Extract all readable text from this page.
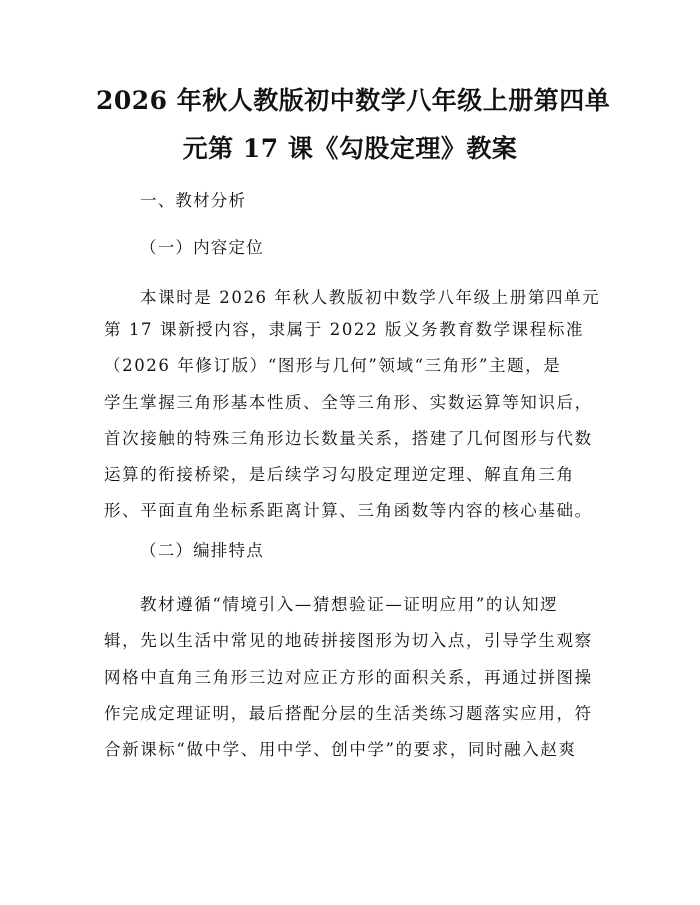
2026 年秋人教版初中数学八年级上册第四单
元第 17 课《勾股定理》教案
一、教材分析
（一）内容定位
本课时是 2026 年秋人教版初中数学八年级上册第四单元
第 17 课新授内容，隶属于 2022 版义务教育数学课程标准
（2026 年修订版）“图形与几何”领域“三角形”主题，是
学生掌握三角形基本性质、全等三角形、实数运算等知识后，
首次接触的特殊三角形边长数量关系，搭建了几何图形与代数
运算的衔接桥梁，是后续学习勾股定理逆定理、解直角三角
形、平面直角坐标系距离计算、三角函数等内容的核心基础。
（二）编排特点
教材遵循“情境引入—猜想验证—证明应用”的认知逻
辑，先以生活中常见的地砖拼接图形为切入点，引导学生观察
网格中直角三角形三边对应正方形的面积关系，再通过拼图操
作完成定理证明，最后搭配分层的生活类练习题落实应用，符
合新课标“做中学、用中学、创中学”的要求，同时融入赵爽
